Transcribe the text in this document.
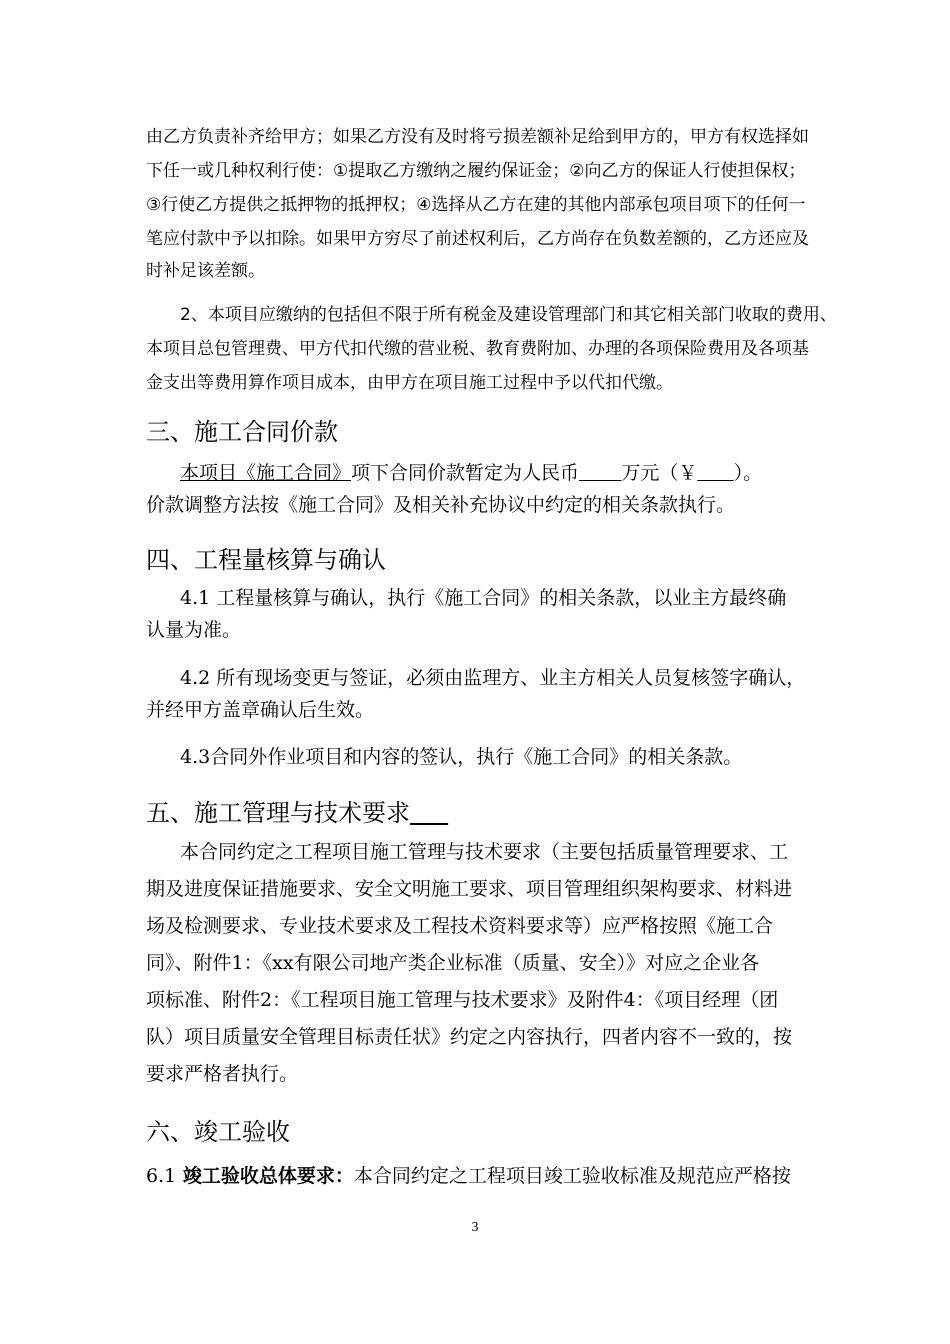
由乙方负责补齐给甲方；如果乙方没有及时将亏损差额补足给到甲方的，甲方有权选择如
下任一或几种权利行使：①提取乙方缴纳之履约保证金；②向乙方的保证人行使担保权；
③行使乙方提供之抵押物的抵押权；④选择从乙方在建的其他内部承包项目项下的任何一
笔应付款中予以扣除。如果甲方穷尽了前述权利后，乙方尚存在负数差额的，乙方还应及
时补足该差额。
2、本项目应缴纳的包括但不限于所有税金及建设管理部门和其它相关部门收取的费用、
本项目总包管理费、甲方代扣代缴的营业税、教育费附加、办理的各项保险费用及各项基
金支出等费用算作项目成本，由甲方在项目施工过程中予以代扣代缴。
三、施工合同价款
本项目《施工合同》项下合同价款暂定为人民币 万元（￥ ）。
价款调整方法按《施工合同》及相关补充协议中约定的相关条款执行。
四、工程量核算与确认
4.1 工程量核算与确认，执行《施工合同》的相关条款，以业主方最终确
认量为准。
4.2 所有现场变更与签证，必须由监理方、业主方相关人员复核签字确认，
并经甲方盖章确认后生效。
4.3合同外作业项目和内容的签认，执行《施工合同》的相关条款。
五、施工管理与技术要求
本合同约定之工程项目施工管理与技术要求（主要包括质量管理要求、工
期及进度保证措施要求、安全文明施工要求、项目管理组织架构要求、材料进
场及检测要求、专业技术要求及工程技术资料要求等）应严格按照《施工合
同》、附件1：《xx有限公司地产类企业标准（质量、安全）》对应之企业各
项标准、附件2：《工程项目施工管理与技术要求》及附件4：《项目经理（团
队）项目质量安全管理目标责任状》约定之内容执行，四者内容不一致的，按
要求严格者执行。
六、竣工验收
6.1 竣工验收总体要求：本合同约定之工程项目竣工验收标准及规范应严格按
3
